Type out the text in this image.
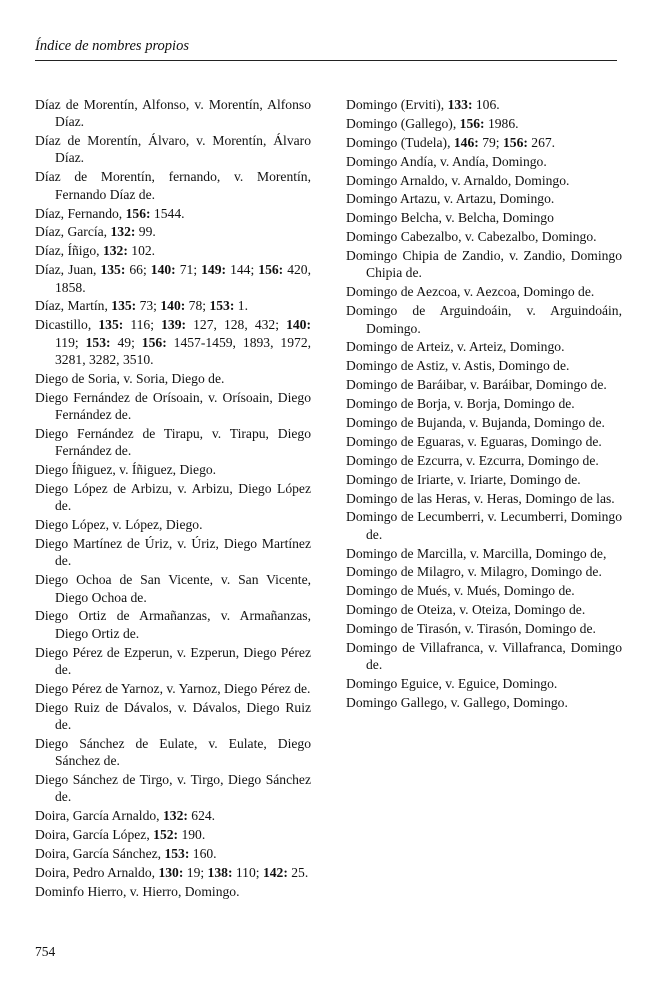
Índice de nombres propios
Díaz de Morentín, Alfonso, v. Morentín, Alfonso Díaz.
Díaz de Morentín, Álvaro, v. Morentín, Álvaro Díaz.
Díaz de Morentín, fernando, v. Morentín, Fernando Díaz de.
Díaz, Fernando, 156: 1544.
Díaz, García, 132: 99.
Díaz, Íñigo, 132: 102.
Díaz, Juan, 135: 66; 140: 71; 149: 144; 156: 420, 1858.
Díaz, Martín, 135: 73; 140: 78; 153: 1.
Dicastillo, 135: 116; 139: 127, 128, 432; 140: 119; 153: 49; 156: 1457-1459, 1893, 1972, 3281, 3282, 3510.
Diego de Soria, v. Soria, Diego de.
Diego Fernández de Orísoain, v. Orísoain, Diego Fernández de.
Diego Fernández de Tirapu, v. Tirapu, Diego Fernández de.
Diego Íñiguez, v. Íñiguez, Diego.
Diego López de Arbizu, v. Arbizu, Diego López de.
Diego López, v. López, Diego.
Diego Martínez de Úriz, v. Úriz, Diego Martínez de.
Diego Ochoa de San Vicente, v. San Vicente, Diego Ochoa de.
Diego Ortiz de Armañanzas, v. Armañanzas, Diego Ortiz de.
Diego Pérez de Ezperun, v. Ezperun, Diego Pérez de.
Diego Pérez de Yarnoz, v. Yarnoz, Diego Pérez de.
Diego Ruiz de Dávalos, v. Dávalos, Diego Ruiz de.
Diego Sánchez de Eulate, v. Eulate, Diego Sánchez de.
Diego Sánchez de Tirgo, v. Tirgo, Diego Sánchez de.
Doira, García Arnaldo, 132: 624.
Doira, García López, 152: 190.
Doira, García Sánchez, 153: 160.
Doira, Pedro Arnaldo, 130: 19; 138: 110; 142: 25.
Dominfo Hierro, v. Hierro, Domingo.
Domingo (Erviti), 133: 106.
Domingo (Gallego), 156: 1986.
Domingo (Tudela), 146: 79; 156: 267.
Domingo Andía, v. Andía, Domingo.
Domingo Arnaldo, v. Arnaldo, Domingo.
Domingo Artazu, v. Artazu, Domingo.
Domingo Belcha, v. Belcha, Domingo
Domingo Cabezalbo, v. Cabezalbo, Domingo.
Domingo Chipia de Zandio, v. Zandio, Domingo Chipia de.
Domingo de Aezcoa, v. Aezcoa, Domingo de.
Domingo de Arguindoáin, v. Arguindoáin, Domingo.
Domingo de Arteiz, v. Arteiz, Domingo.
Domingo de Astiz, v. Astis, Domingo de.
Domingo de Baráibar, v. Baráibar, Domingo de.
Domingo de Borja, v. Borja, Domingo de.
Domingo de Bujanda, v. Bujanda, Domingo de.
Domingo de Eguaras, v. Eguaras, Domingo de.
Domingo de Ezcurra, v. Ezcurra, Domingo de.
Domingo de Iriarte, v. Iriarte, Domingo de.
Domingo de las Heras, v. Heras, Domingo de las.
Domingo de Lecumberri, v. Lecumberri, Domingo de.
Domingo de Marcilla, v. Marcilla, Domingo de,
Domingo de Milagro, v. Milagro, Domingo de.
Domingo de Mués, v. Mués, Domingo de.
Domingo de Oteiza, v. Oteiza, Domingo de.
Domingo de Tirasón, v. Tirasón, Domingo de.
Domingo de Villafranca, v. Villafranca, Domingo de.
Domingo Eguice, v. Eguice, Domingo.
Domingo Gallego, v. Gallego, Domingo.
754
